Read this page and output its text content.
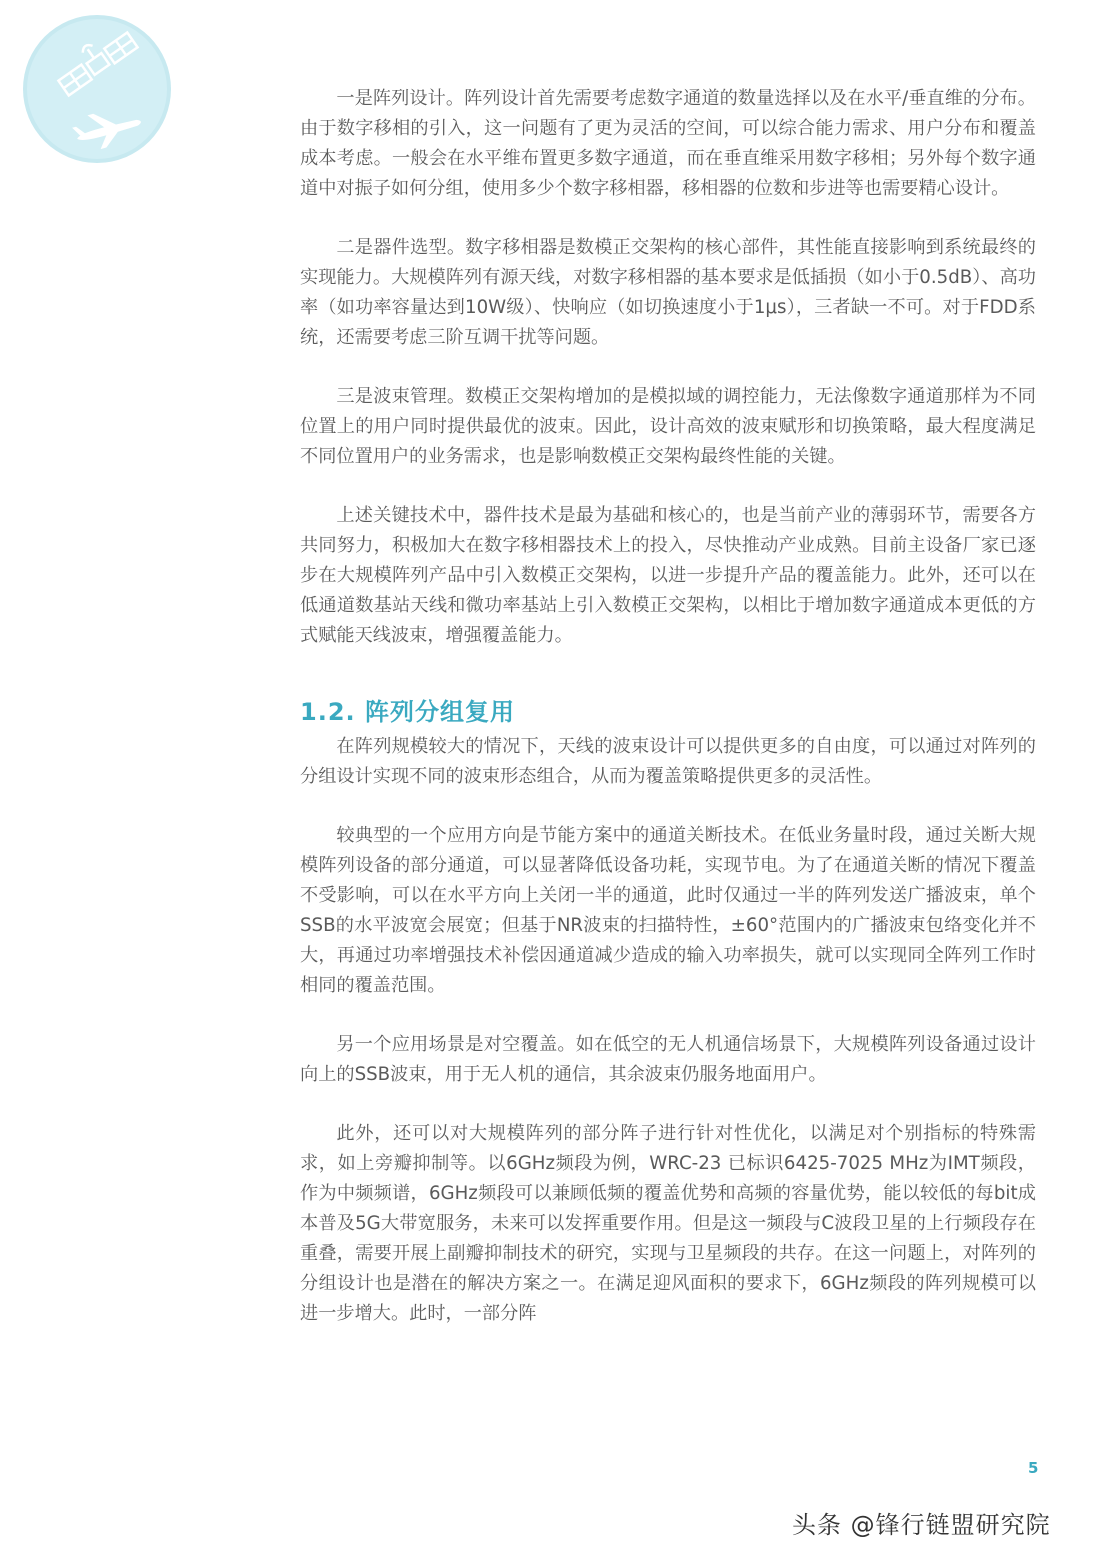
一是阵列设计。阵列设计首先需要考虑数字通道的数量选择以及在水平/垂直维的分布。由于数字移相的引入，这一问题有了更为灵活的空间，可以综合能力需求、用户分布和覆盖成本考虑。一般会在水平维布置更多数字通道，而在垂直维采用数字移相；另外每个数字通道中对振子如何分组，使用多少个数字移相器，移相器的位数和步进等也需要精心设计。

二是器件选型。数字移相器是数模正交架构的核心部件，其性能直接影响到系统最终的实现能力。大规模阵列有源天线，对数字移相器的基本要求是低插损（如小于0.5dB）、高功率（如功率容量达到10W级）、快响应（如切换速度小于1μs），三者缺一不可。对于FDD系统，还需要考虑三阶互调干扰等问题。

三是波束管理。数模正交架构增加的是模拟域的调控能力，无法像数字通道那样为不同位置上的用户同时提供最优的波束。因此，设计高效的波束赋形和切换策略，最大程度满足不同位置用户的业务需求，也是影响数模正交架构最终性能的关键。

上述关键技术中，器件技术是最为基础和核心的，也是当前产业的薄弱环节，需要各方共同努力，积极加大在数字移相器技术上的投入，尽快推动产业成熟。目前主设备厂家已逐步在大规模阵列产品中引入数模正交架构，以进一步提升产品的覆盖能力。此外，还可以在低通道数基站天线和微功率基站上引入数模正交架构，以相比于增加数字通道成本更低的方式赋能天线波束，增强覆盖能力。

1.2. 阵列分组复用

在阵列规模较大的情况下，天线的波束设计可以提供更多的自由度，可以通过对阵列的分组设计实现不同的波束形态组合，从而为覆盖策略提供更多的灵活性。

较典型的一个应用方向是节能方案中的通道关断技术。在低业务量时段，通过关断大规模阵列设备的部分通道，可以显著降低设备功耗，实现节电。为了在通道关断的情况下覆盖不受影响，可以在水平方向上关闭一半的通道，此时仅通过一半的阵列发送广播波束，单个SSB的水平波宽会展宽；但基于NR波束的扫描特性，±60°范围内的广播波束包络变化并不大，再通过功率增强技术补偿因通道减少造成的输入功率损失，就可以实现同全阵列工作时相同的覆盖范围。

另一个应用场景是对空覆盖。如在低空的无人机通信场景下，大规模阵列设备通过设计向上的SSB波束，用于无人机的通信，其余波束仍服务地面用户。

此外，还可以对大规模阵列的部分阵子进行针对性优化，以满足对个别指标的特殊需求，如上旁瓣抑制等。以6GHz频段为例，WRC-23 已标识6425-7025 MHz为IMT频段，作为中频频谱，6GHz频段可以兼顾低频的覆盖优势和高频的容量优势，能以较低的每bit成本普及5G大带宽服务，未来可以发挥重要作用。但是这一频段与C波段卫星的上行频段存在重叠，需要开展上副瓣抑制技术的研究，实现与卫星频段的共存。在这一问题上，对阵列的分组设计也是潜在的解决方案之一。在满足迎风面积的要求下，6GHz频段的阵列规模可以进一步增大。此时，一部分阵

5
头条 @锋行链盟研究院
